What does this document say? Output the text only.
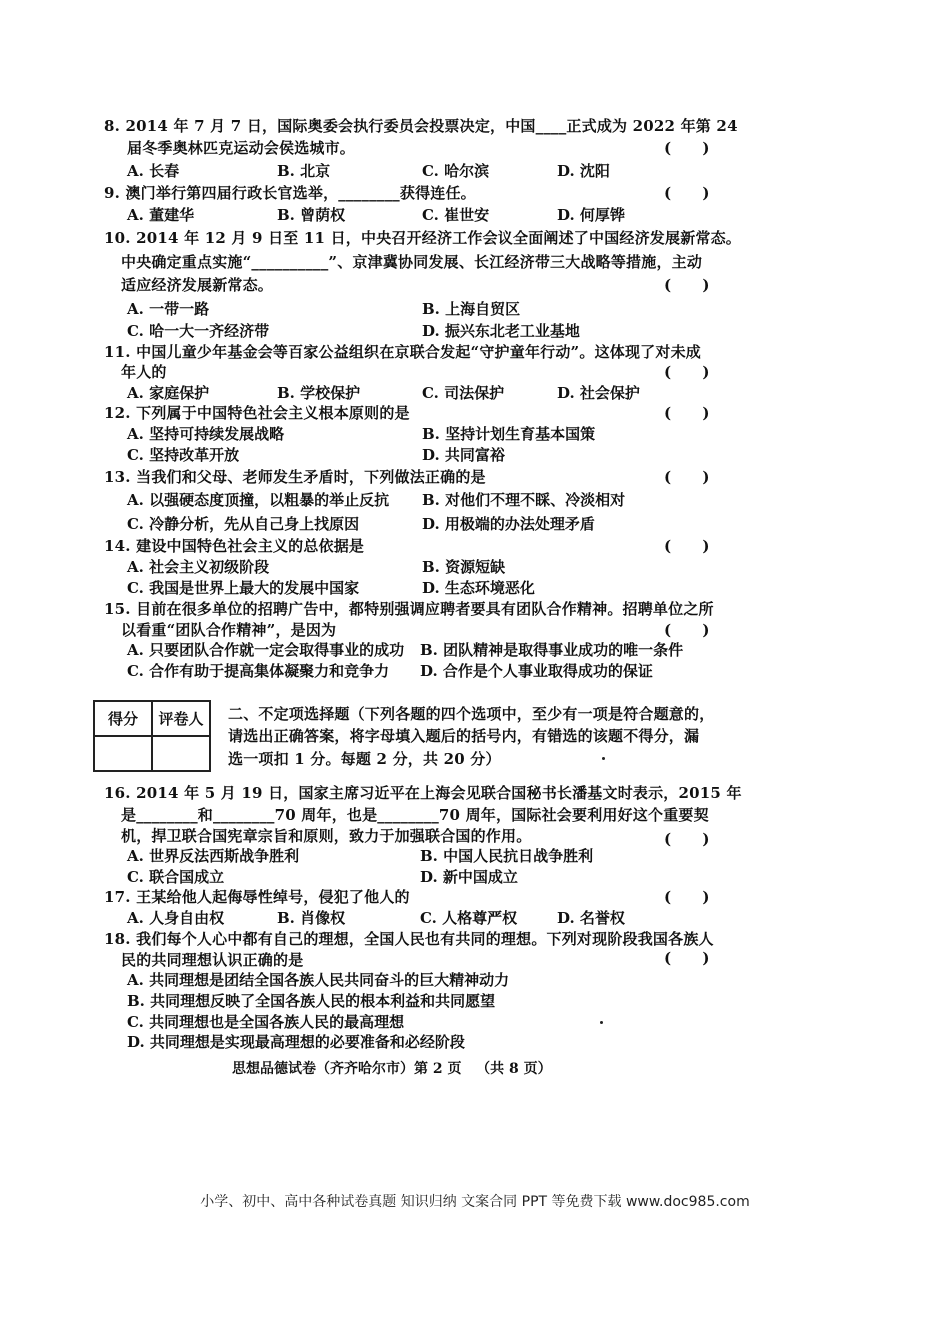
8. 2014 年 7 月 7 日，国际奥委会执行委员会投票决定，中国____正式成为 2022 年第 24
届冬季奥林匹克运动会侯选城市。	(      )
A. 长春	B. 北京	C. 哈尔滨	D. 沈阳
9. 澳门举行第四届行政长官选举，________获得连任。	(      )
A. 董建华	B. 曾荫权	C. 崔世安	D. 何厚铧
10. 2014 年 12 月 9 日至 11 日，中央召开经济工作会议全面阐述了中国经济发展新常态。
中央确定重点实施“__________”、京津冀协同发展、长江经济带三大战略等措施，主动
适应经济发展新常态。	(      )
A. 一带一路	B. 上海自贸区
C. 哈一大一齐经济带	D. 振兴东北老工业基地
11. 中国儿童少年基金会等百家公益组织在京联合发起“守护童年行动”。这体现了对未成
年人的	(      )
A. 家庭保护	B. 学校保护	C. 司法保护	D. 社会保护
12. 下列属于中国特色社会主义根本原则的是	(      )
A. 坚持可持续发展战略	B. 坚持计划生育基本国策
C. 坚持改革开放	D. 共同富裕
13. 当我们和父母、老师发生矛盾时，下列做法正确的是	(      )
A. 以强硬态度顶撞，以粗暴的举止反抗 B. 对他们不理不睬、冷淡相对
C. 冷静分析，先从自己身上找原因	D. 用极端的办法处理矛盾
14. 建设中国特色社会主义的总依据是	(      )
A. 社会主义初级阶段	B. 资源短缺
C. 我国是世界上最大的发展中国家	D. 生态环境恶化
15. 目前在很多单位的招聘广告中，都特别强调应聘者要具有团队合作精神。招聘单位之所
以看重“团队合作精神”，是因为	(      )
A. 只要团队合作就一定会取得事业的成功 B. 团队精神是取得事业成功的唯一条件
C. 合作有助于提高集体凝聚力和竞争力 D. 合作是个人事业取得成功的保证
得分	评卷人
	二、不定项选择题（下列各题的四个选项中，至少有一项是符合题意的，
请选出正确答案，将字母填入题后的括号内，有错选的该题不得分，漏
选一项扣 1 分。每题 2 分，共 20 分）
16. 2014 年 5 月 19 日，国家主席习近平在上海会见联合国秘书长潘基文时表示，2015 年
是________和________70 周年，也是________70 周年，国际社会要利用好这个重要契
机，捍卫联合国宪章宗旨和原则，致力于加强联合国的作用。	(      )
A. 世界反法西斯战争胜利	B. 中国人民抗日战争胜利
C. 联合国成立	D. 新中国成立
17. 王某给他人起侮辱性绰号，侵犯了他人的	(      )
A. 人身自由权	B. 肖像权	C. 人格尊严权	D. 名誉权
18. 我们每个人心中都有自己的理想，全国人民也有共同的理想。下列对现阶段我国各族人
民的共同理想认识正确的是	(      )
A. 共同理想是团结全国各族人民共同奋斗的巨大精神动力
B. 共同理想反映了全国各族人民的根本利益和共同愿望
C. 共同理想也是全国各族人民的最高理想
D. 共同理想是实现最高理想的必要准备和必经阶段
思想品德试卷（齐齐哈尔市）第 2 页   （共 8 页）
小学、初中、高中各种试卷真题 知识归纳 文案合同 PPT 等免费下载 www.doc985.com
